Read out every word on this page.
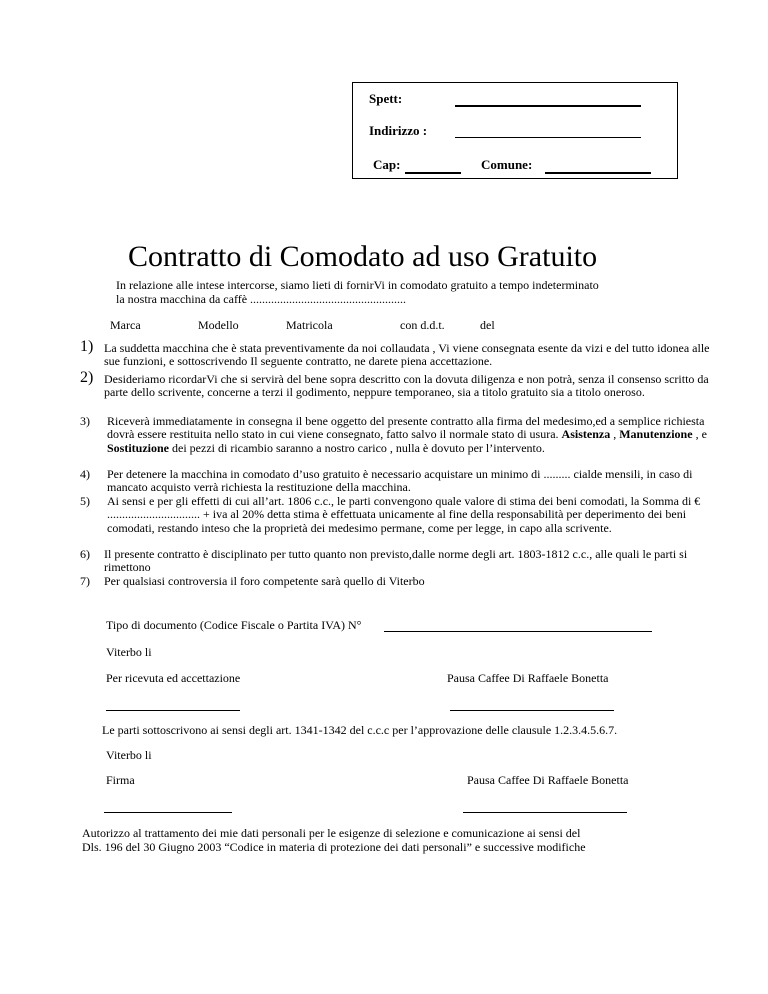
Spett:
Indirizzo :
Cap:	Comune:
Contratto di Comodato ad uso Gratuito
In relazione alle intese intercorse, siamo lieti di fornirVi in comodato gratuito a tempo indeterminato
la nostra macchina da caffè ....................................................
Marca	Modello	Matricola	con d.d.t.	del
1) La suddetta macchina che è stata preventivamente da noi collaudata , Vi viene consegnata esente da vizi e del tutto idonea alle sue funzioni, e sottoscrivendo Il seguente contratto, ne darete piena accettazione.
2) Desideriamo ricordarVi che si servirà del bene sopra descritto con la dovuta diligenza e non potrà, senza il consenso scritto da parte dello scrivente, concerne a terzi il godimento, neppure temporaneo, sia a titolo gratuito sia a titolo oneroso.
3) Riceverà immediatamente in consegna il bene oggetto del presente contratto alla firma del medesimo,ed a semplice richiesta dovrà essere restituita nello stato in cui viene consegnato, fatto salvo il normale stato di usura. Asistenza , Manutenzione , e Sostituzione dei pezzi di ricambio saranno a nostro carico , nulla è dovuto per l’intervento.
4) Per detenere la macchina in comodato d’uso gratuito è necessario acquistare un minimo di ......... cialde mensili, in caso di mancato acquisto verrà richiesta la restituzione della macchina.
5) Ai sensi e per gli effetti di cui all’art. 1806 c.c., le parti convengono quale valore di stima dei beni comodati, la Somma di € ............................... + iva al 20% detta stima è effettuata unicamente al fine della responsabilità per deperimento dei beni comodati, restando inteso che la proprietà dei medesimo permane, come per legge, in capo alla scrivente.
6) Il presente contratto è disciplinato per tutto quanto non previsto,dalle norme degli art. 1803-1812 c.c., alle quali le parti si rimettono
7) Per qualsiasi controversia il foro competente sarà quello di Viterbo
Tipo di documento (Codice Fiscale o Partita IVA) N°
Viterbo li
Per ricevuta ed accettazione	Pausa Caffee Di Raffaele Bonetta
Le parti sottoscrivono ai sensi degli art. 1341-1342 del c.c.c per l’approvazione delle clausule 1.2.3.4.5.6.7.
Viterbo li
Firma	Pausa Caffee Di Raffaele Bonetta
Autorizzo al trattamento dei mie dati personali per le esigenze di selezione e comunicazione ai sensi del
Dls. 196 del 30 Giugno 2003 “Codice in materia di protezione dei dati personali” e successive modifiche
